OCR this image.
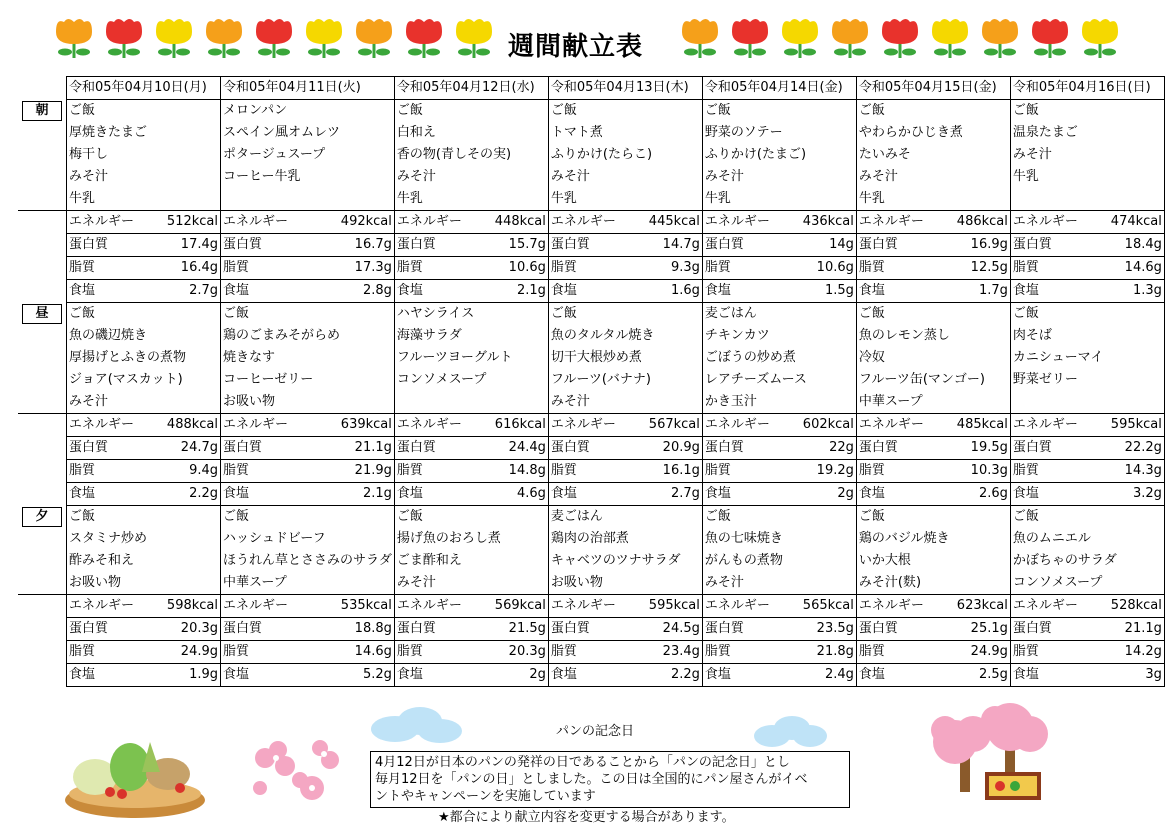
週間献立表
	令和05年04月10日(月)		令和05年04月11日(火)		令和05年04月12日(水)		令和05年04月13日(木)		令和05年04月14日(金)		令和05年04月15日(金)		令和05年04月16日(日)	
朝	ご飯		メロンパン		ご飯		ご飯		ご飯		ご飯		ご飯	
	厚焼きたまご		スペイン風オムレツ		白和え		トマト煮		野菜のソテー		やわらかひじき煮		温泉たまご	
	梅干し		ポタージュスープ		香の物(青しその実)		ふりかけ(たらこ)		ふりかけ(たまご)		たいみそ		みそ汁	
	みそ汁		コーヒー牛乳		みそ汁		みそ汁		みそ汁		みそ汁		牛乳	
	牛乳				牛乳		牛乳		牛乳		牛乳			
	エネルギー	512kcal	エネルギー	492kcal	エネルギー	448kcal	エネルギー	445kcal	エネルギー	436kcal	エネルギー	486kcal	エネルギー	474kcal
	蛋白質	17.4g	蛋白質	16.7g	蛋白質	15.7g	蛋白質	14.7g	蛋白質	14g	蛋白質	16.9g	蛋白質	18.4g
	脂質	16.4g	脂質	17.3g	脂質	10.6g	脂質	9.3g	脂質	10.6g	脂質	12.5g	脂質	14.6g
	食塩	2.7g	食塩	2.8g	食塩	2.1g	食塩	1.6g	食塩	1.5g	食塩	1.7g	食塩	1.3g
昼	ご飯		ご飯		ハヤシライス		ご飯		麦ごはん		ご飯		ご飯	
	魚の磯辺焼き		鶏のごまみそがらめ		海藻サラダ		魚のタルタル焼き		チキンカツ		魚のレモン蒸し		肉そば	
	厚揚げとふきの煮物		焼きなす		フルーツヨーグルト		切干大根炒め煮		ごぼうの炒め煮		冷奴		カニシューマイ	
	ジョア(マスカット)		コーヒーゼリー		コンソメスープ		フルーツ(バナナ)		レアチーズムース		フルーツ缶(マンゴー)		野菜ゼリー	
	みそ汁		お吸い物				みそ汁		かき玉汁		中華スープ			
	エネルギー	488kcal	エネルギー	639kcal	エネルギー	616kcal	エネルギー	567kcal	エネルギー	602kcal	エネルギー	485kcal	エネルギー	595kcal
	蛋白質	24.7g	蛋白質	21.1g	蛋白質	24.4g	蛋白質	20.9g	蛋白質	22g	蛋白質	19.5g	蛋白質	22.2g
	脂質	9.4g	脂質	21.9g	脂質	14.8g	脂質	16.1g	脂質	19.2g	脂質	10.3g	脂質	14.3g
	食塩	2.2g	食塩	2.1g	食塩	4.6g	食塩	2.7g	食塩	2g	食塩	2.6g	食塩	3.2g
夕	ご飯		ご飯		ご飯		麦ごはん		ご飯		ご飯		ご飯	
	スタミナ炒め		ハッシュドビーフ		揚げ魚のおろし煮		鶏肉の治部煮		魚の七味焼き		鶏のバジル焼き		魚のムニエル	
	酢みそ和え		ほうれん草とささみのサラダ		ごま酢和え		キャベツのツナサラダ		がんもの煮物		いか大根		かぼちゃのサラダ	
	お吸い物		中華スープ		みそ汁		お吸い物		みそ汁		みそ汁(麩)		コンソメスープ	
	エネルギー	598kcal	エネルギー	535kcal	エネルギー	569kcal	エネルギー	595kcal	エネルギー	565kcal	エネルギー	623kcal	エネルギー	528kcal
	蛋白質	20.3g	蛋白質	18.8g	蛋白質	21.5g	蛋白質	24.5g	蛋白質	23.5g	蛋白質	25.1g	蛋白質	21.1g
	脂質	24.9g	脂質	14.6g	脂質	20.3g	脂質	23.4g	脂質	21.8g	脂質	24.9g	脂質	14.2g
	食塩	1.9g	食塩	5.2g	食塩	2g	食塩	2.2g	食塩	2.4g	食塩	2.5g	食塩	3g
パンの記念日
4月12日が日本のパンの発祥の日であることから「パンの記念日」とし
毎月12日を「パンの日」としました。この日は全国的にパン屋さんがイベ
ントやキャンペーンを実施しています
★都合により献立内容を変更する場合があります。
